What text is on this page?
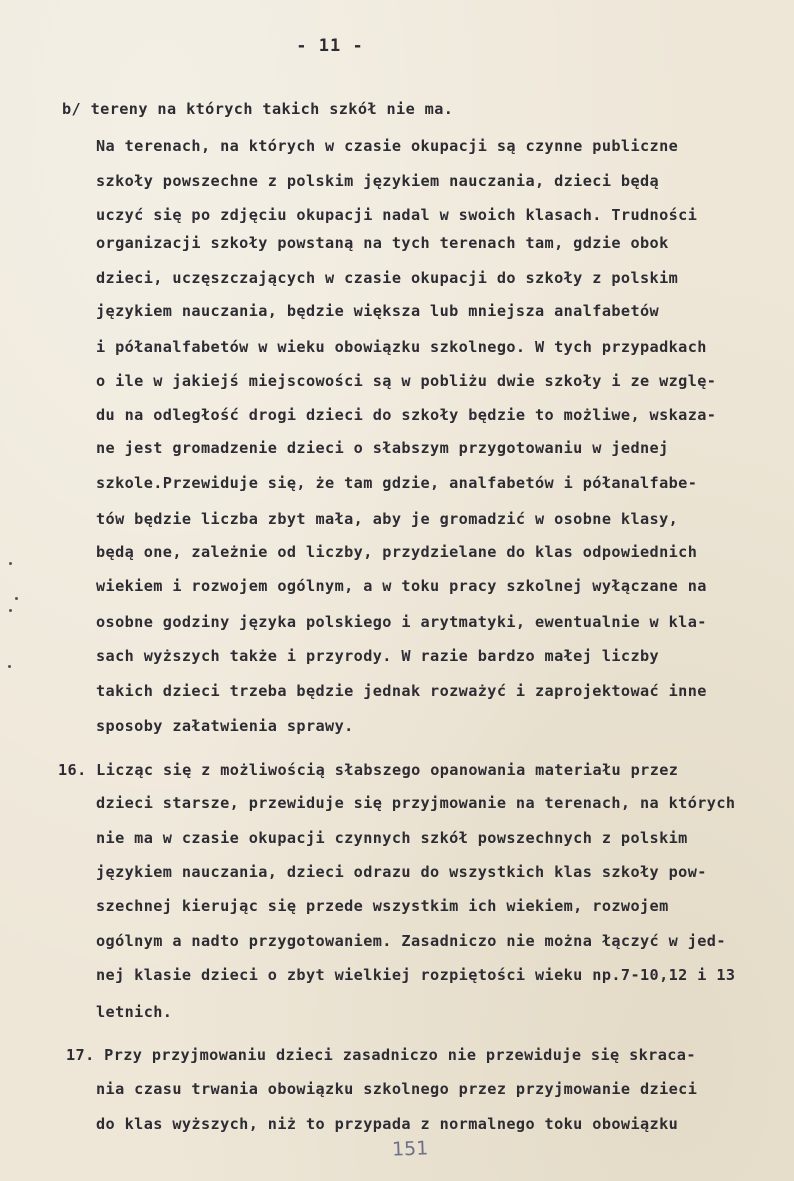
- 11 -
b/ tereny na których takich szkół nie ma.
Na terenach, na których w czasie okupacji są czynne publiczne
szkoły powszechne z polskim językiem nauczania, dzieci będą
uczyć się po zdjęciu okupacji nadal w swoich klasach. Trudności
organizacji szkoły powstaną na tych terenach tam, gdzie obok
dzieci, uczęszczających w czasie okupacji do szkoły z polskim
językiem nauczania, będzie większa lub mniejsza analfabetów
i półanalfabetów w wieku obowiązku szkolnego. W tych przypadkach
o ile w jakiejś miejscowości są w pobliżu dwie szkoły i ze wzglę-
du na odległość drogi dzieci do szkoły będzie to możliwe, wskaza-
ne jest gromadzenie dzieci o słabszym przygotowaniu w jednej
szkole.Przewiduje się, że tam gdzie, analfabetów i półanalfabe-
tów będzie liczba zbyt mała, aby je gromadzić w osobne klasy,
będą one, zależnie od liczby, przydzielane do klas odpowiednich
wiekiem i rozwojem ogólnym, a w toku pracy szkolnej wyłączane na
osobne godziny języka polskiego i arytmatyki, ewentualnie w kla-
sach wyższych także i przyrody. W razie bardzo małej liczby
takich dzieci trzeba będzie jednak rozważyć i zaprojektować inne
sposoby załatwienia sprawy.
16. Licząc się z możliwością słabszego opanowania materiału przez
dzieci starsze, przewiduje się przyjmowanie na terenach, na których
nie ma w czasie okupacji czynnych szkół powszechnych z polskim
językiem nauczania, dzieci odrazu do wszystkich klas szkoły pow-
szechnej kierując się przede wszystkim ich wiekiem, rozwojem
ogólnym a nadto przygotowaniem. Zasadniczo nie można łączyć w jed-
nej klasie dzieci o zbyt wielkiej rozpiętości wieku np.7-10,12 i 13
letnich.
17. Przy przyjmowaniu dzieci zasadniczo nie przewiduje się skraca-
nia czasu trwania obowiązku szkolnego przez przyjmowanie dzieci
do klas wyższych, niż to przypada z normalnego toku obowiązku
151
